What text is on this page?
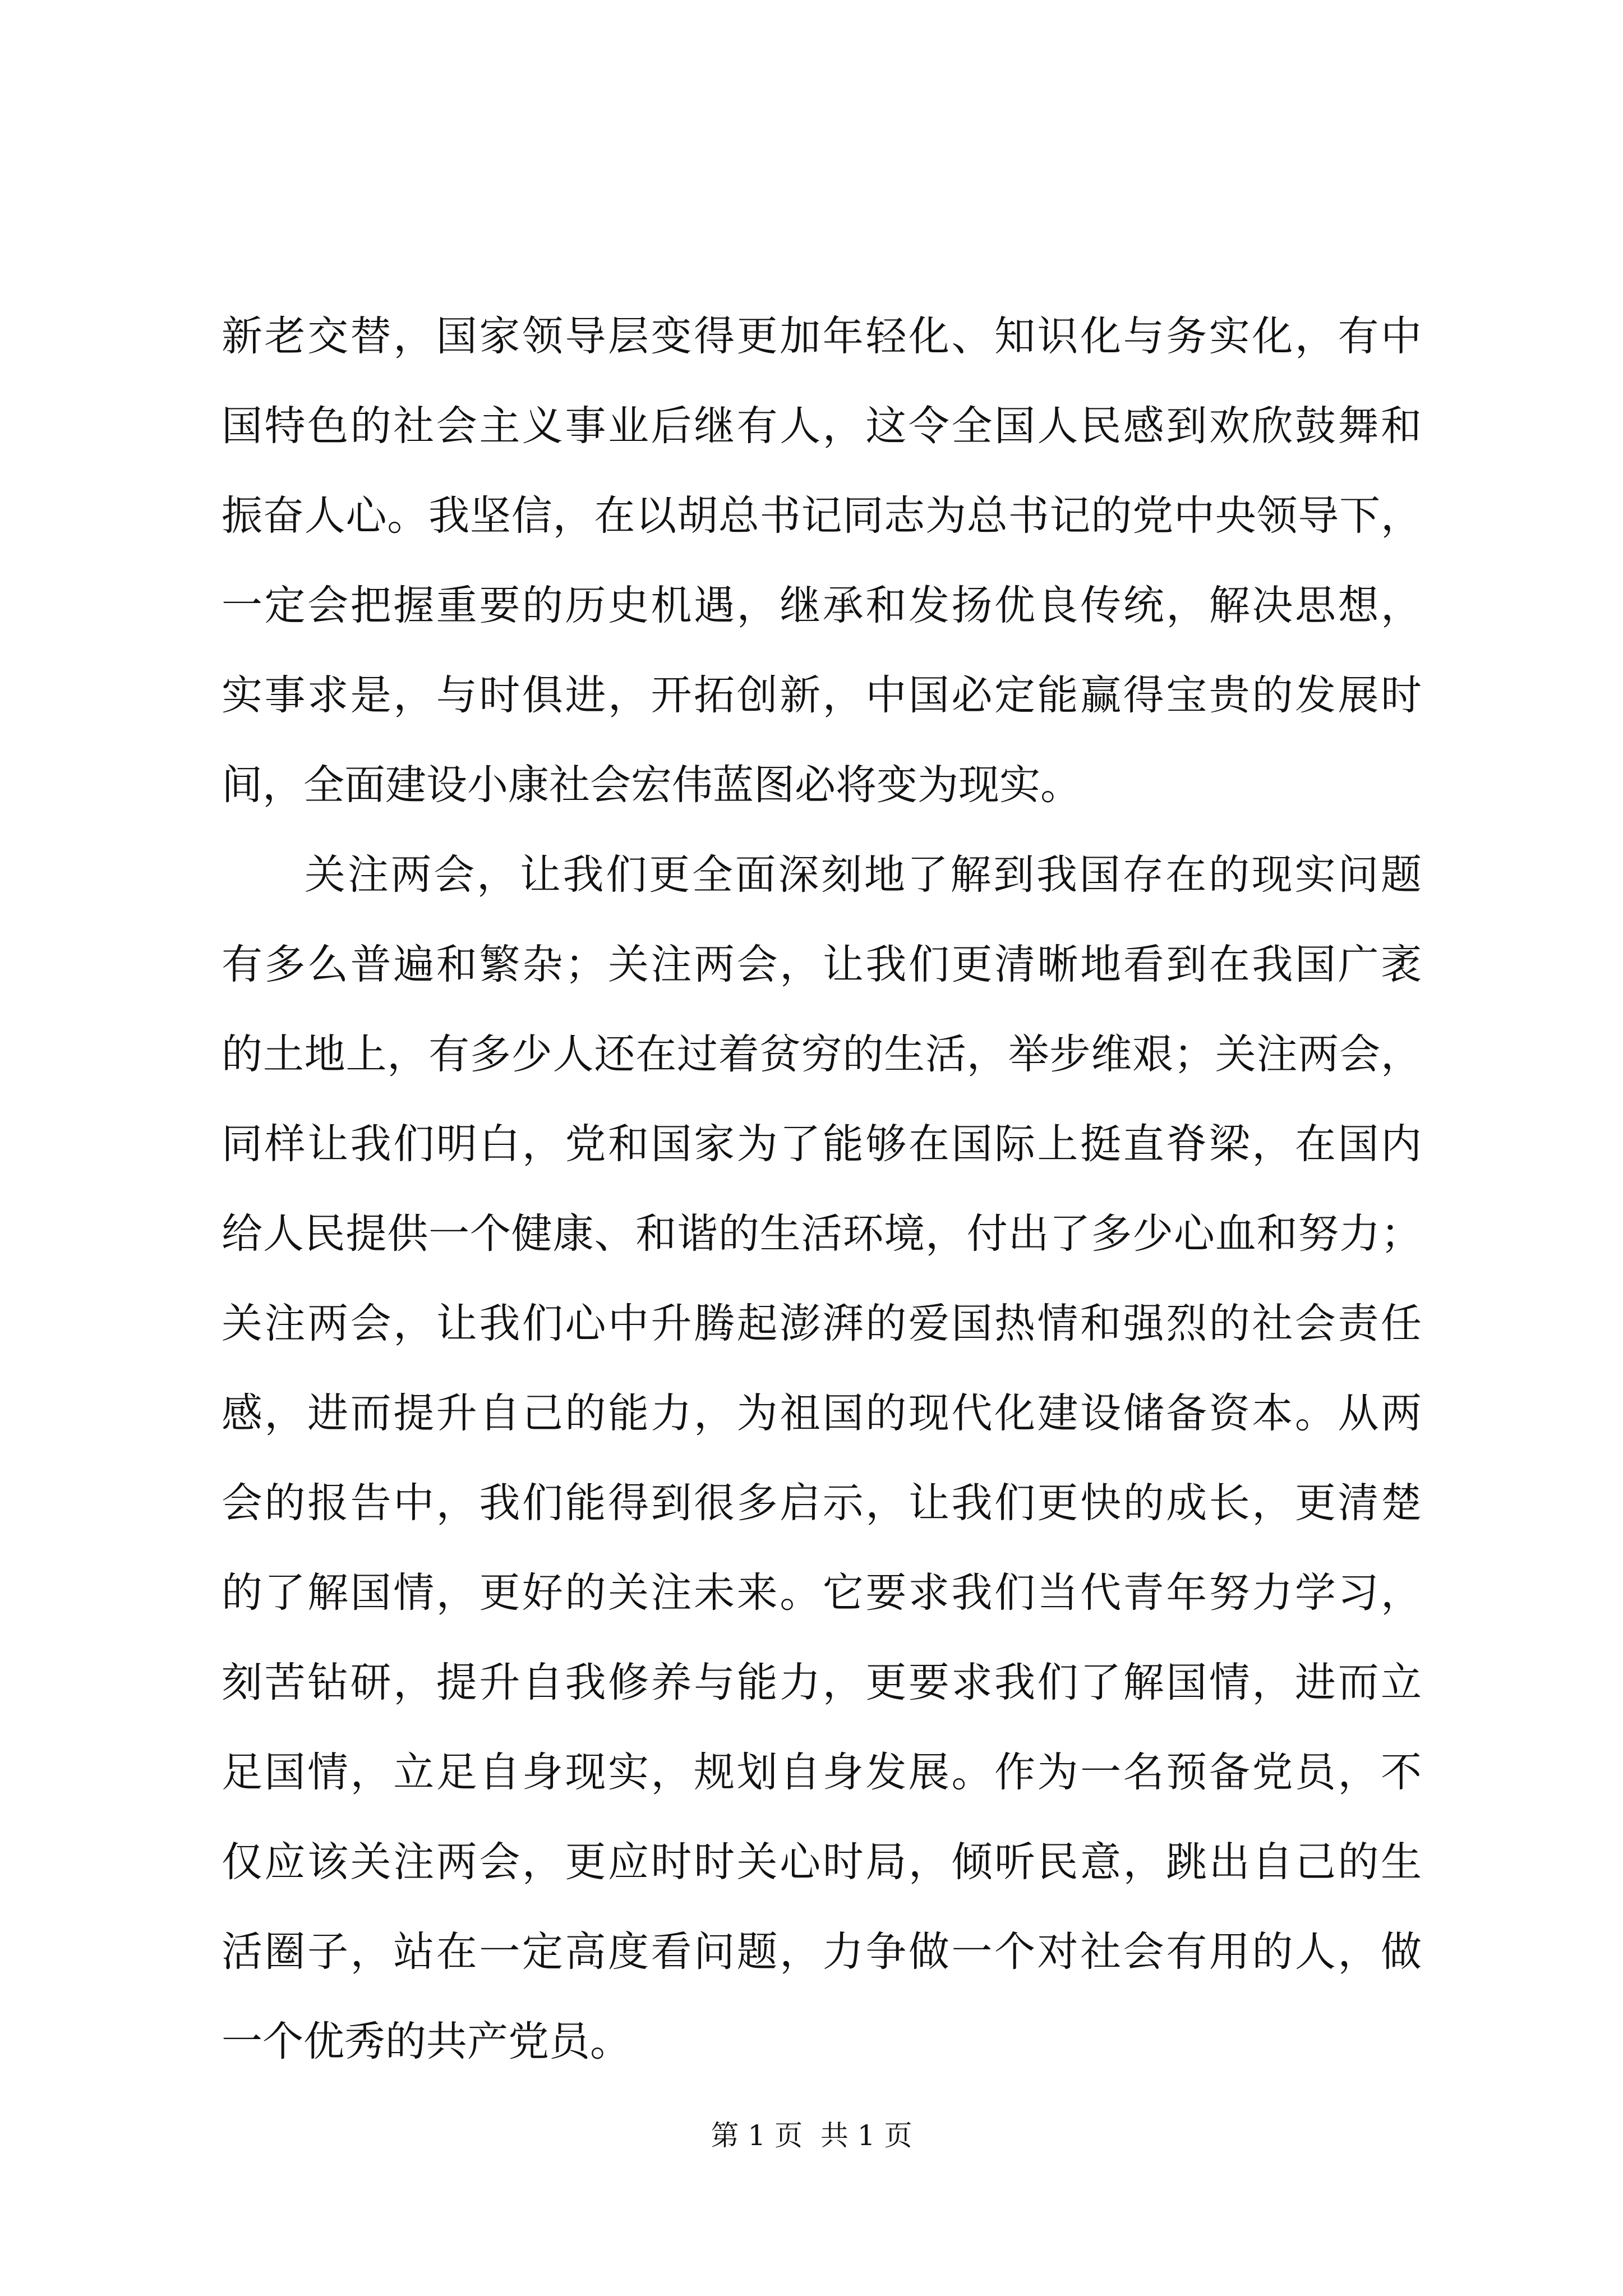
新老交替，国家领导层变得更加年轻化、知识化与务实化，有中
国特色的社会主义事业后继有人，这令全国人民感到欢欣鼓舞和
振奋人心。我坚信，在以胡总书记同志为总书记的党中央领导下，
一定会把握重要的历史机遇，继承和发扬优良传统，解决思想，
实事求是，与时俱进，开拓创新，中国必定能赢得宝贵的发展时
间，全面建设小康社会宏伟蓝图必将变为现实。
关注两会，让我们更全面深刻地了解到我国存在的现实问题
有多么普遍和繁杂；关注两会，让我们更清晰地看到在我国广袤
的土地上，有多少人还在过着贫穷的生活，举步维艰；关注两会，
同样让我们明白，党和国家为了能够在国际上挺直脊梁，在国内
给人民提供一个健康、和谐的生活环境，付出了多少心血和努力；
关注两会，让我们心中升腾起澎湃的爱国热情和强烈的社会责任
感，进而提升自己的能力，为祖国的现代化建设储备资本。从两
会的报告中，我们能得到很多启示，让我们更快的成长，更清楚
的了解国情，更好的关注未来。它要求我们当代青年努力学习，
刻苦钻研，提升自我修养与能力，更要求我们了解国情，进而立
足国情，立足自身现实，规划自身发展。作为一名预备党员，不
仅应该关注两会，更应时时关心时局，倾听民意，跳出自己的生
活圈子，站在一定高度看问题，力争做一个对社会有用的人，做
一个优秀的共产党员。
第 1 页  共 1 页
